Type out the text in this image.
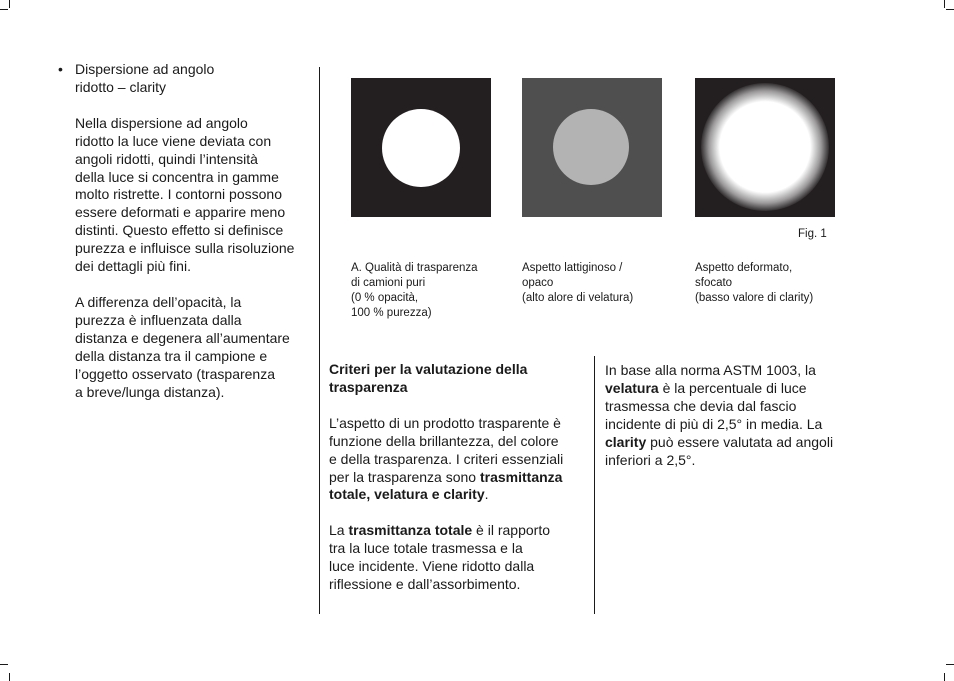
• Dispersione ad angolo

ridotto – clarity

Nella dispersione ad angolo

ridotto la luce viene deviata con

angoli ridotti, quindi l’intensità

della luce si concentra in gamme

molto ristrette. I contorni possono

essere deformati e apparire meno

distinti. Questo effetto si definisce

purezza e influisce sulla risoluzione

dei dettagli più fini.

A differenza dell’opacità, la

purezza è influenzata dalla

distanza e degenera all’aumentare

della distanza tra il campione e

l’oggetto osservato (trasparenza

a breve/lunga distanza).

Fig. 1
A. Qualità di trasparenza
di camioni puri
(0 % opacità,
100 % purezza)
Aspetto lattiginoso /
opaco
(alto alore di velatura)
Aspetto deformato,
sfocato
(basso valore di clarity)

Criteri per la valutazione della

trasparenza

L’aspetto di un prodotto trasparente è

funzione della brillantezza, del colore

e della trasparenza. I criteri essenziali

per la trasparenza sono trasmittanza

totale, velatura e clarity.

La trasmittanza totale è il rapporto

tra la luce totale trasmessa e la

luce incidente. Viene ridotto dalla

riflessione e dall’assorbimento.

In base alla norma ASTM 1003, la

velatura è la percentuale di luce

trasmessa che devia dal fascio

incidente di più di 2,5° in media. La

clarity può essere valutata ad angoli

inferiori a 2,5°.
